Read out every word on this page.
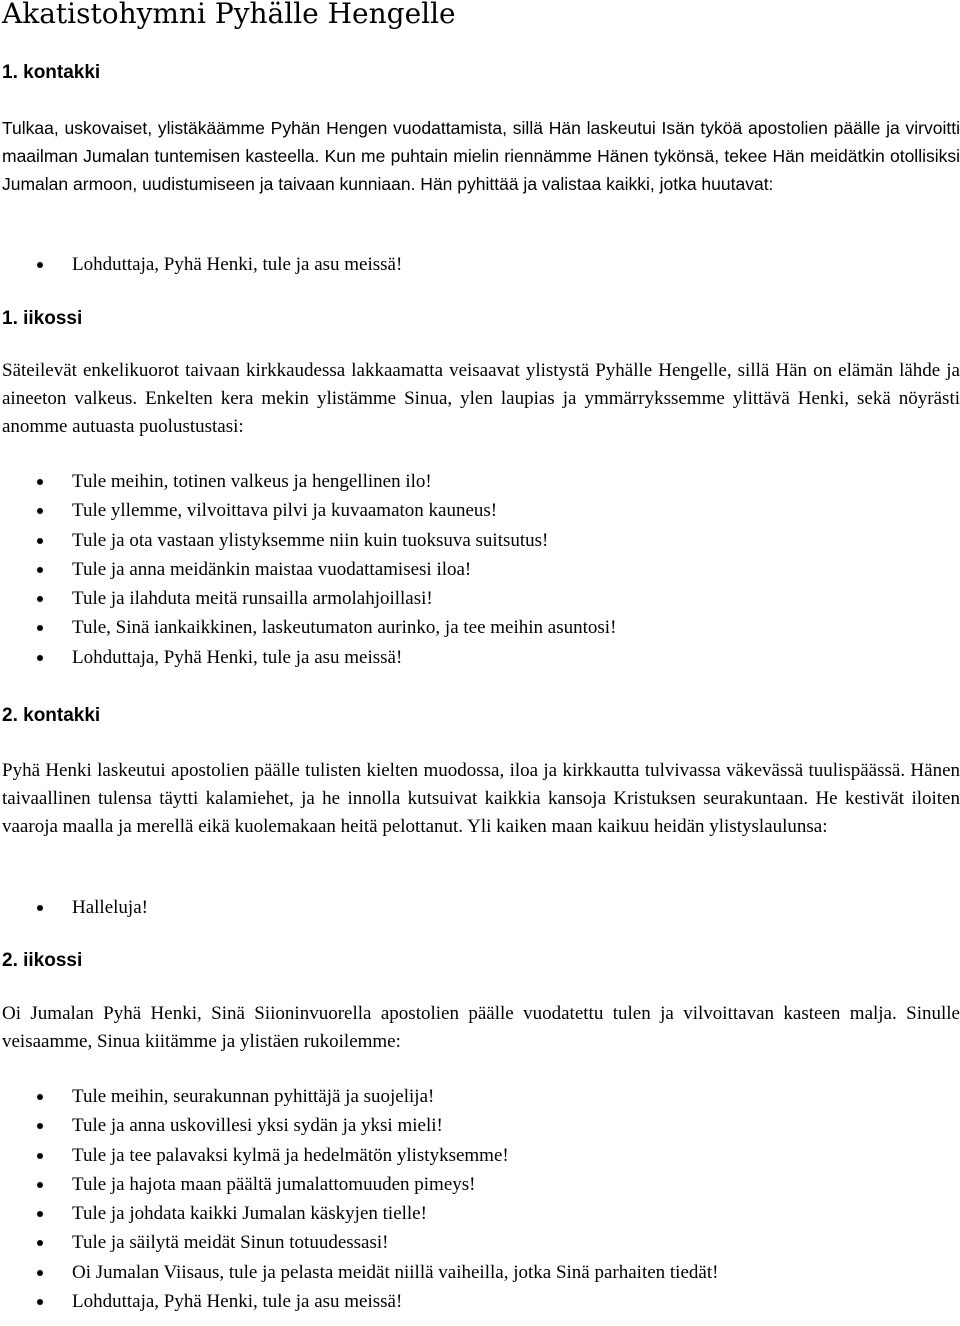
Akatistohymni Pyhälle Hengelle
1. kontakki

Tulkaa, uskovaiset, ylistäkäämme Pyhän Hengen vuodattamista, sillä Hän laskeutui Isän tyköä apostolien päälle ja virvoitti maailman Jumalan tuntemisen kasteella. Kun me puhtain mielin riennämme Hänen tykönsä, tekee Hän meidätkin otollisiksi Jumalan armoon, uudistumiseen ja taivaan kunniaan. Hän pyhittää ja valistaa kaikki, jotka huutavat:

Lohduttaja, Pyhä Henki, tule ja asu meissä!
1. iikossi

Säteilevät enkelikuorot taivaan kirkkaudessa lakkaamatta veisaavat ylistystä Pyhälle Hengelle, sillä Hän on elämän lähde ja aineeton valkeus. Enkelten kera mekin ylistämme Sinua, ylen laupias ja ymmärrykssemme ylittävä Henki, sekä nöyrästi anomme autuasta puolustustasi:

Tule meihin, totinen valkeus ja hengellinen ilo!
Tule yllemme, vilvoittava pilvi ja kuvaamaton kauneus!
Tule ja ota vastaan ylistyksemme niin kuin tuoksuva suitsutus!
Tule ja anna meidänkin maistaa vuodattamisesi iloa!
Tule ja ilahduta meitä runsailla armolahjoillasi!
Tule, Sinä iankaikkinen, laskeutumaton aurinko, ja tee meihin asuntosi!
Lohduttaja, Pyhä Henki, tule ja asu meissä!
2. kontakki

Pyhä Henki laskeutui apostolien päälle tulisten kielten muodossa, iloa ja kirkkautta tulvivassa väkevässä tuulispäässä. Hänen taivaallinen tulensa täytti kalamiehet, ja he innolla kutsuivat kaikkia kansoja Kristuksen seurakuntaan. He kestivät iloiten vaaroja maalla ja merellä eikä kuolemakaan heitä pelottanut. Yli kaiken maan kaikuu heidän ylistyslaulunsa:

Halleluja!
2. iikossi

Oi Jumalan Pyhä Henki, Sinä Siioninvuorella apostolien päälle vuodatettu tulen ja vilvoittavan kasteen malja. Sinulle veisaamme, Sinua kiitämme ja ylistäen rukoilemme:

Tule meihin, seurakunnan pyhittäjä ja suojelija!
Tule ja anna uskovillesi yksi sydän ja yksi mieli!
Tule ja tee palavaksi kylmä ja hedelmätön ylistyksemme!
Tule ja hajota maan päältä jumalattomuuden pimeys!
Tule ja johdata kaikki Jumalan käskyjen tielle!
Tule ja säilytä meidät Sinun totuudessasi!
Oi Jumalan Viisaus, tule ja pelasta meidät niillä vaiheilla, jotka Sinä parhaiten tiedät!
Lohduttaja, Pyhä Henki, tule ja asu meissä!
